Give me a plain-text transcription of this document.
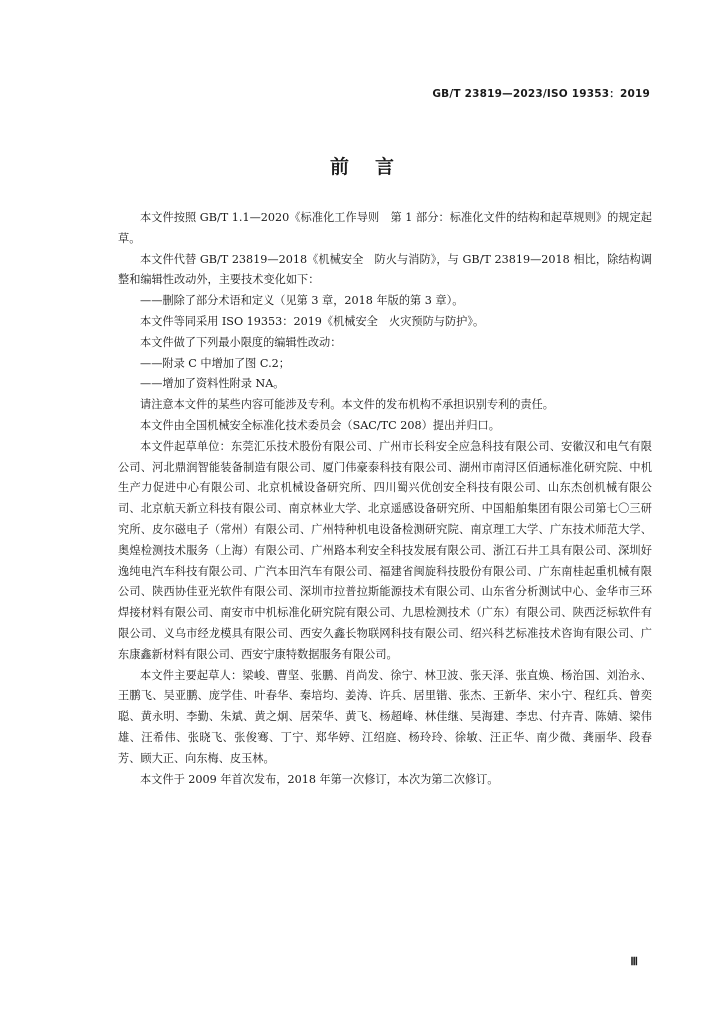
GB/T 23819—2023/ISO 19353：2019
前言

本文件按照 GB/T 1.1—2020《标准化工作导则　第 1 部分：标准化文件的结构和起草规则》的规定起草。

本文件代替 GB/T 23819—2018《机械安全　防火与消防》，与 GB/T 23819—2018 相比，除结构调整和编辑性改动外，主要技术变化如下：

——删除了部分术语和定义（见第 3 章，2018 年版的第 3 章）。

本文件等同采用 ISO 19353：2019《机械安全　火灾预防与防护》。

本文件做了下列最小限度的编辑性改动：

——附录 C 中增加了图 C.2；

——增加了资料性附录 NA。

请注意本文件的某些内容可能涉及专利。本文件的发布机构不承担识别专利的责任。

本文件由全国机械安全标准化技术委员会（SAC/TC 208）提出并归口。

本文件起草单位：东莞汇乐技术股份有限公司、广州市长科安全应急科技有限公司、安徽汉和电气有限公司、河北鼎润智能装备制造有限公司、厦门伟豪泰科技有限公司、湖州市南浔区佰通标准化研究院、中机生产力促进中心有限公司、北京机械设备研究所、四川蜀兴优创安全科技有限公司、山东杰创机械有限公司、北京航天新立科技有限公司、南京林业大学、北京遥感设备研究所、中国船舶集团有限公司第七〇三研究所、皮尔磁电子（常州）有限公司、广州特种机电设备检测研究院、南京理工大学、广东技术师范大学、奥煌检测技术服务（上海）有限公司、广州路本利安全科技发展有限公司、浙江石井工具有限公司、深圳好逸纯电汽车科技有限公司、广汽本田汽车有限公司、福建省闽旋科技股份有限公司、广东南桂起重机械有限公司、陕西协佳亚光软件有限公司、深圳市拉普拉斯能源技术有限公司、山东省分析测试中心、金华市三环焊接材料有限公司、南安市中机标准化研究院有限公司、九思检测技术（广东）有限公司、陕西泛标软件有限公司、义乌市经龙模具有限公司、西安久鑫长物联网科技有限公司、绍兴科艺标准技术咨询有限公司、广东康鑫新材料有限公司、西安宁康特数据服务有限公司。

本文件主要起草人：梁峻、曹坚、张鹏、肖尚发、徐宁、林卫波、张天泽、张直焕、杨治国、刘治永、王鹏飞、吴亚鹏、庞学佳、叶春华、秦培均、姜涛、许兵、居里锴、张杰、王新华、宋小宁、程红兵、曾奕聪、黄永明、李勤、朱斌、黄之炯、居荣华、黄飞、杨超峰、林佳继、吴海建、李忠、付卉青、陈婧、梁伟雄、汪希伟、张晓飞、张俊骞、丁宁、郑华婷、江绍庭、杨玲玲、徐敏、汪正华、南少微、龚丽华、段春芳、顾大正、向东梅、皮玉林。

本文件于 2009 年首次发布，2018 年第一次修订，本次为第二次修订。

Ⅲ
